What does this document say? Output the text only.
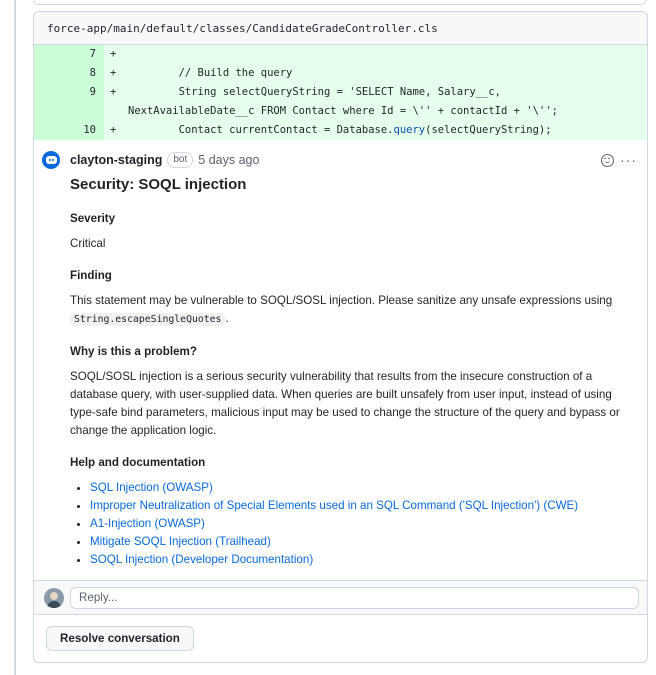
force-app/main/default/classes/CandidateGradeController.cls
7	+
8	+	// Build the query
9	+	String selectQueryString = 'SELECT Name, Salary__c, NextAvailableDate__c FROM Contact where Id = \'' + contactId + '\'';
10	+	Contact currentContact = Database.query(selectQueryString);
clayton-staging	bot 5 days ago	···
Security: SOQL injection
Severity
Critical
Finding
This statement may be vulnerable to SOQL/SOSL injection. Please sanitize any unsafe expressions using String.escapeSingleQuotes .
Why is this a problem?
SOQL/SOSL injection is a serious security vulnerability that results from the insecure construction of a database query, with user-supplied data. When queries are built unsafely from user input, instead of using type-safe bind parameters, malicious input may be used to change the structure of the query and bypass or change the application logic.
Help and documentation
• SQL Injection (OWASP)
• Improper Neutralization of Special Elements used in an SQL Command ('SQL Injection') (CWE)
• A1-Injection (OWASP)
• Mitigate SOQL Injection (Trailhead)
• SOQL Injection (Developer Documentation)
Reply...
Resolve conversation
